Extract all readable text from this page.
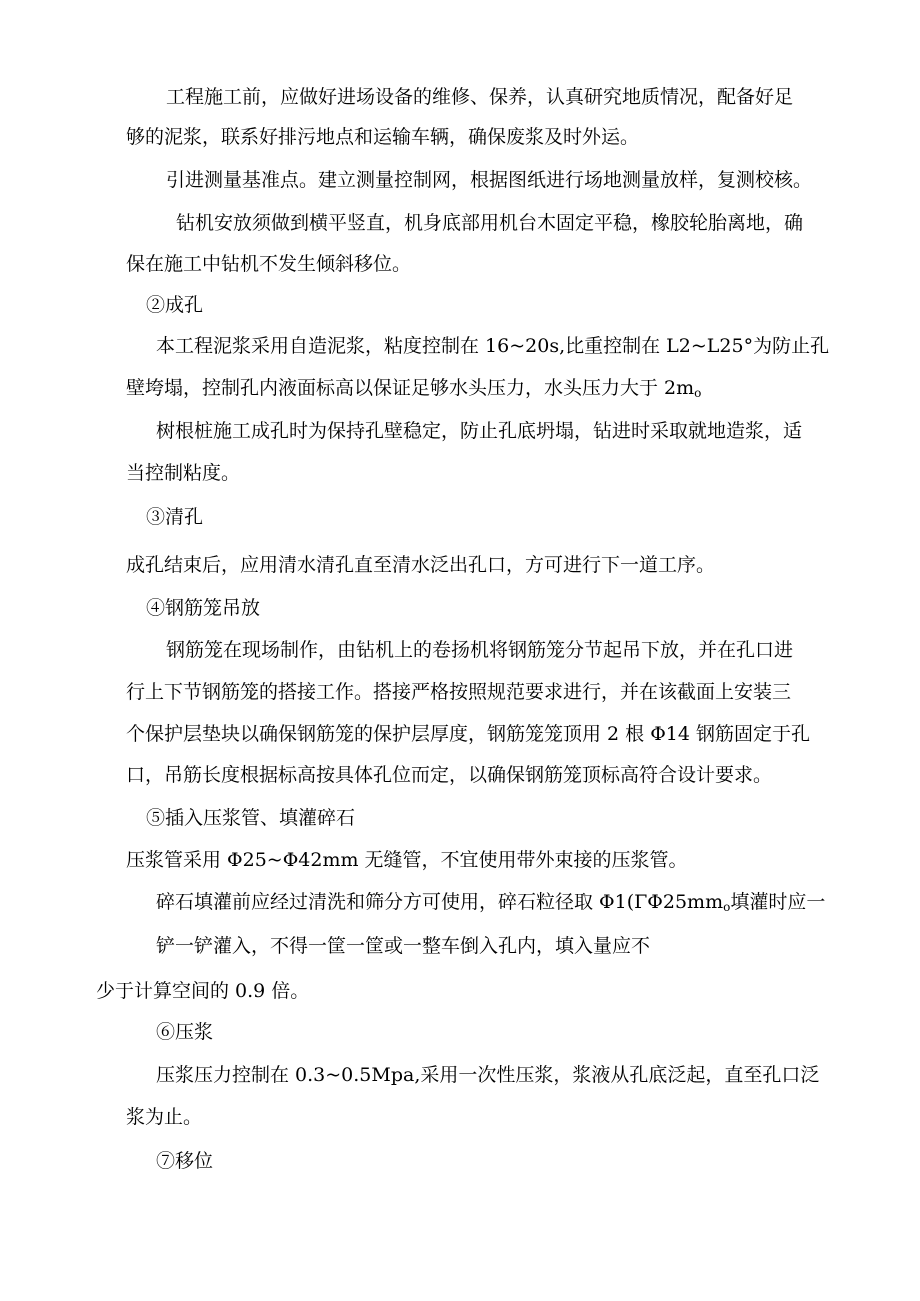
工程施工前，应做好进场设备的维修、保养，认真研究地质情况，配备好足

够的泥浆，联系好排污地点和运输车辆，确保废浆及时外运。

引进测量基准点。建立测量控制网，根据图纸进行场地测量放样，复测校核。

钻机安放须做到横平竖直，机身底部用机台木固定平稳，橡胶轮胎离地，确

保在施工中钻机不发生倾斜移位。

②成孔

本工程泥浆采用自造泥浆，粘度控制在 16~20s,比重控制在 L2~L25°为防止孔

壁垮塌，控制孔内液面标高以保证足够水头压力，水头压力大于 $2m_o$

树根桩施工成孔时为保持孔壁稳定，防止孔底坍塌，钻进时采取就地造浆，适

当控制粘度。

③清孔

成孔结束后，应用清水清孔直至清水泛出孔口，方可进行下一道工序。

④钢筋笼吊放

钢筋笼在现场制作，由钻机上的卷扬机将钢筋笼分节起吊下放，并在孔口进

行上下节钢筋笼的搭接工作。搭接严格按照规范要求进行，并在该截面上安装三

个保护层垫块以确保钢筋笼的保护层厚度，钢筋笼笼顶用 2 根 Φ14 钢筋固定于孔

口，吊筋长度根据标高按具体孔位而定，以确保钢筋笼顶标高符合设计要求。

⑤插入压浆管、填灌碎石

压浆管采用 Φ25~Φ42mm 无缝管，不宜使用带外束接的压浆管。

碎石填灌前应经过清洗和筛分方可使用，碎石粒径取 $\Phi 1(\Gamma\Phi 25mm_o$填灌时应一

铲一铲灌入，不得一筐一筐或一整车倒入孔内，填入量应不

少于计算空间的 0.9 倍。

⑥压浆

压浆压力控制在 0.3~0.5Mpa,采用一次性压浆，浆液从孔底泛起，直至孔口泛

浆为止。

⑦移位
